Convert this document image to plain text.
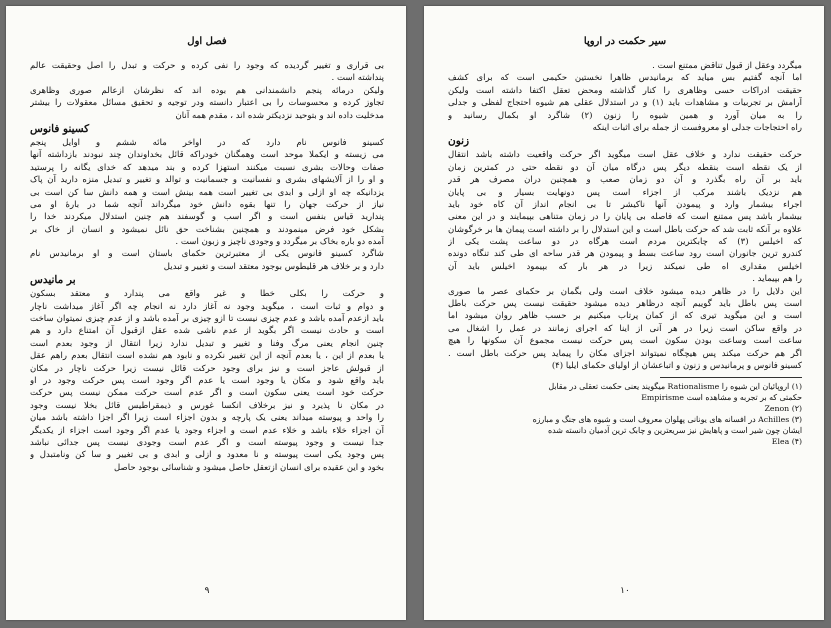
فصل اول
بی قراری و تغییر گردیده که وجود را نفی کرده و حرکت و تبدل را اصل وحقیقت عالم
پنداشته است .
ولیکن درمائه پنجم دانشمندانی هم بوده اند که نظرشان ازعالم صوری وظاهری
تجاوز کرده و محسوسات را بی اعتبار دانسته ودر توجیه و تحقیق مسائل معقولات را بیشتر
مدخلیت داده اند و بتوحید نزدیکتر شده اند ، مقدم همه آنان
کسینو فانوس
کسینو فانوس نام دارد که در اواخر مائه ششم و اوایل پنجم
می زیسته و ایکملا موحد است وهمگنان خودراکه قائل بخداوندان چند نبودند بازداشته آنها
صفات وحالات بشری نسبت میکنند استهزا کرده و بند میدهد که خدای یگانه را پرستید
و او را از آلایشهای بشری و نفسانیت و جسمانیت و توالد و تغییر و تبدیل منزه دارید آن پاک
یزدانیکه چه او ازلی و ابدی بی تغییر است همه بینش است و همه دانش سا کن است بی
نیاز از حرکت جهان را تنها بقوه دانش خود میگرداند آنچه شما در بارهٔ او می
پندارید قیاس بنفس است و اگر اسب و گوسفند هم چنین استدلال میکردند خدا را
بشکل خود فرض مینمودند و همچنین بشناخت حق نائل نمیشود و انسان از خاک بر
آمده دو باره بخاک بر میگردد و وجودی ناچیز و زبون است .
شاگرد کسینو فانوس یکی از معتبرترین حکمای باستان است و او برمانیدس نام
دارد و بر خلاف هر قلیطوس بوجود معتقد است و تغییر و تبدیل
بر مانیدس
و حرکت را بکلی خطا و غیر واقع می پندارد و معتقد بسکون
و دوام و ثبات است ، میگوید وجود نه آغاز دارد نه انجام چه اگر آغاز میداشت ناچار
باید ازعدم آمده باشد و عدم چیزی نیست تا ازو چیزی بر آمده باشد و از عدم چیزی نمیتوان ساخت
است و حادث نیست اگر بگوید از عدم ناشی شده عقل ازقبول آن امتناع دارد و هم
چنین انجام یعنی مرگ وفنا و تغییر و تبدیل ندارد زیرا انتقال از وجود بعدم است
یا بعدم از این ، یا بعدم آنچه از این تغییر نکرده و نابود هم نشده است انتقال بعدم راهم عقل
از قبولش عاجز است و نیز برای وجود حرکت قائل نیست زیرا حرکت ناچار در مکان
باید واقع شود و مکان یا وجود است یا عدم اگر وجود است پس حرکت وجود در او
حرکت خود است یعنی سکون است و اگر عدم است حرکت ممکن نیست پس حرکت
در مکان نا پذیرد و نیز برخلاف انکسا غورس و ذیمقراطیس قائل بخلا نیست وجود
را واحد و پیوسته میداند یعنی یک پارچه و بدون اجزاء است زیرا اگر اجزا داشته باشد میان
آن اجزاء خلاء باشد و خلاء عدم است و اجزاء وجود یا عدم اگر وجود است اجزاء از یکدیگر
جدا نیست و وجود پیوسته است و اگر عدم است وجودی نیست پس جدائی نباشد
پس وجود یکی است پیوسته و نا معدود و ازلی و ابدی و بی تغییر و سا کن ونامتبدل و
بخود و این عقیده برای انسان ازتعقل حاصل میشود و شناسائی بوجود حاصل
۹
سیر حکمت در اروپا
میگردد وعقل از قبول تناقض ممتنع است .
اما آنچه گفتیم بس میاید که برمانیدس ظاهرا نخستین حکیمی است که برای کشف
حقیقت ادراکات حسی وظاهری را کنار گذاشته ومحض تعقل اکتفا داشته است ولیکن
آرامش بر تجربیات و مشاهدات باید (۱) و در استدلال عقلی هم شیوه احتجاج لفظی و جدلی
را به میان آورد و همین شیوه را زنون (۲) شاگرد او بکمال رسانید و
راه احتجاجات جدلی او معروفست از جمله برای اثبات اینکه
زنون
حرکت حقیقت ندارد و خلاف عقل است میگوید اگر حرکت واقعیت داشته باشد انتقال
از یک نقطه است بنقطه دیگر پس درگاه میان آن دو نقطه حتی در کمترین زمان
باید بر آن راه بگذرد و آن دو زمان صعب و همچنین دران مصرف هر قدر
هم نزدیک باشند مرکب از اجزاء است پس دونهایت بسیار و بی پایان
اجراء بیشمار وارد و پیمودن آنها ناکیشر تا بی انجام انداز آن کاه خود باید
بیشمار باشد پس ممتنع است که فاصله بی پایان را در زمان متناهی بپیمایند و در این معنی
علاوه بر آنکه ثابت شد که حرکت باطل است و این استدلال را بر داشته است پیمان ها بر خرگوشان
که اخیلس (۳) که چابکترین مردم است هرگاه در دو ساعت پشت یکی از
کندرو ترین جانوران است رود ساعت بسط و پیمودن هر قدر ساحه ای طی کند تنگاه دونده
اخیلس مقداری اه طی نمیکند زیرا در هر بار که بپیمود اخیلس باید آن
را هم بپیماید .
این دلایل را در ظاهر دیده میشود خلاف است ولی بگمان بر حکمای عصر ما صوری
است پس باطل باید گوییم آنچه درظاهر دیده میشود حقیقت نیست پس حرکت باطل
است و این میگوید تیری که از کمان پرتاب میکنیم بر حسب ظاهر روان میشود اما
در واقع ساکن است زیرا در هر آنی از اینا که اجرای زمانند در عمل را اشغال می
ساعت است وساعت بودن سکون است پس حرکت نیست مجموع آن سکونها را هیچ
اگر هم حرکت میکند پس هیچگاه نمیتواند اجزای مکان را پیماید پس حرکت باطل است .
کسینو فانوس و پرمانیدس و زنون و اتباعشان از اولیای حکمای ایلیا (۴)
(۱) اروپائیان این شیوه را Rationalisme میگویند یعنی حکمت تعقلی در مقابل
حکمتی که بر تجربه و مشاهده است Empirisme
(۲) Zenon
(۳) Achilles در افسانه های یونانی پهلوان معروف است و شیوه های جنگ و مبارزه
ایشان چون شیر است و پاهایش نیز سریعترین و چابک ترین آدمیان دانسته شده
(۴) Elea
۱۰
